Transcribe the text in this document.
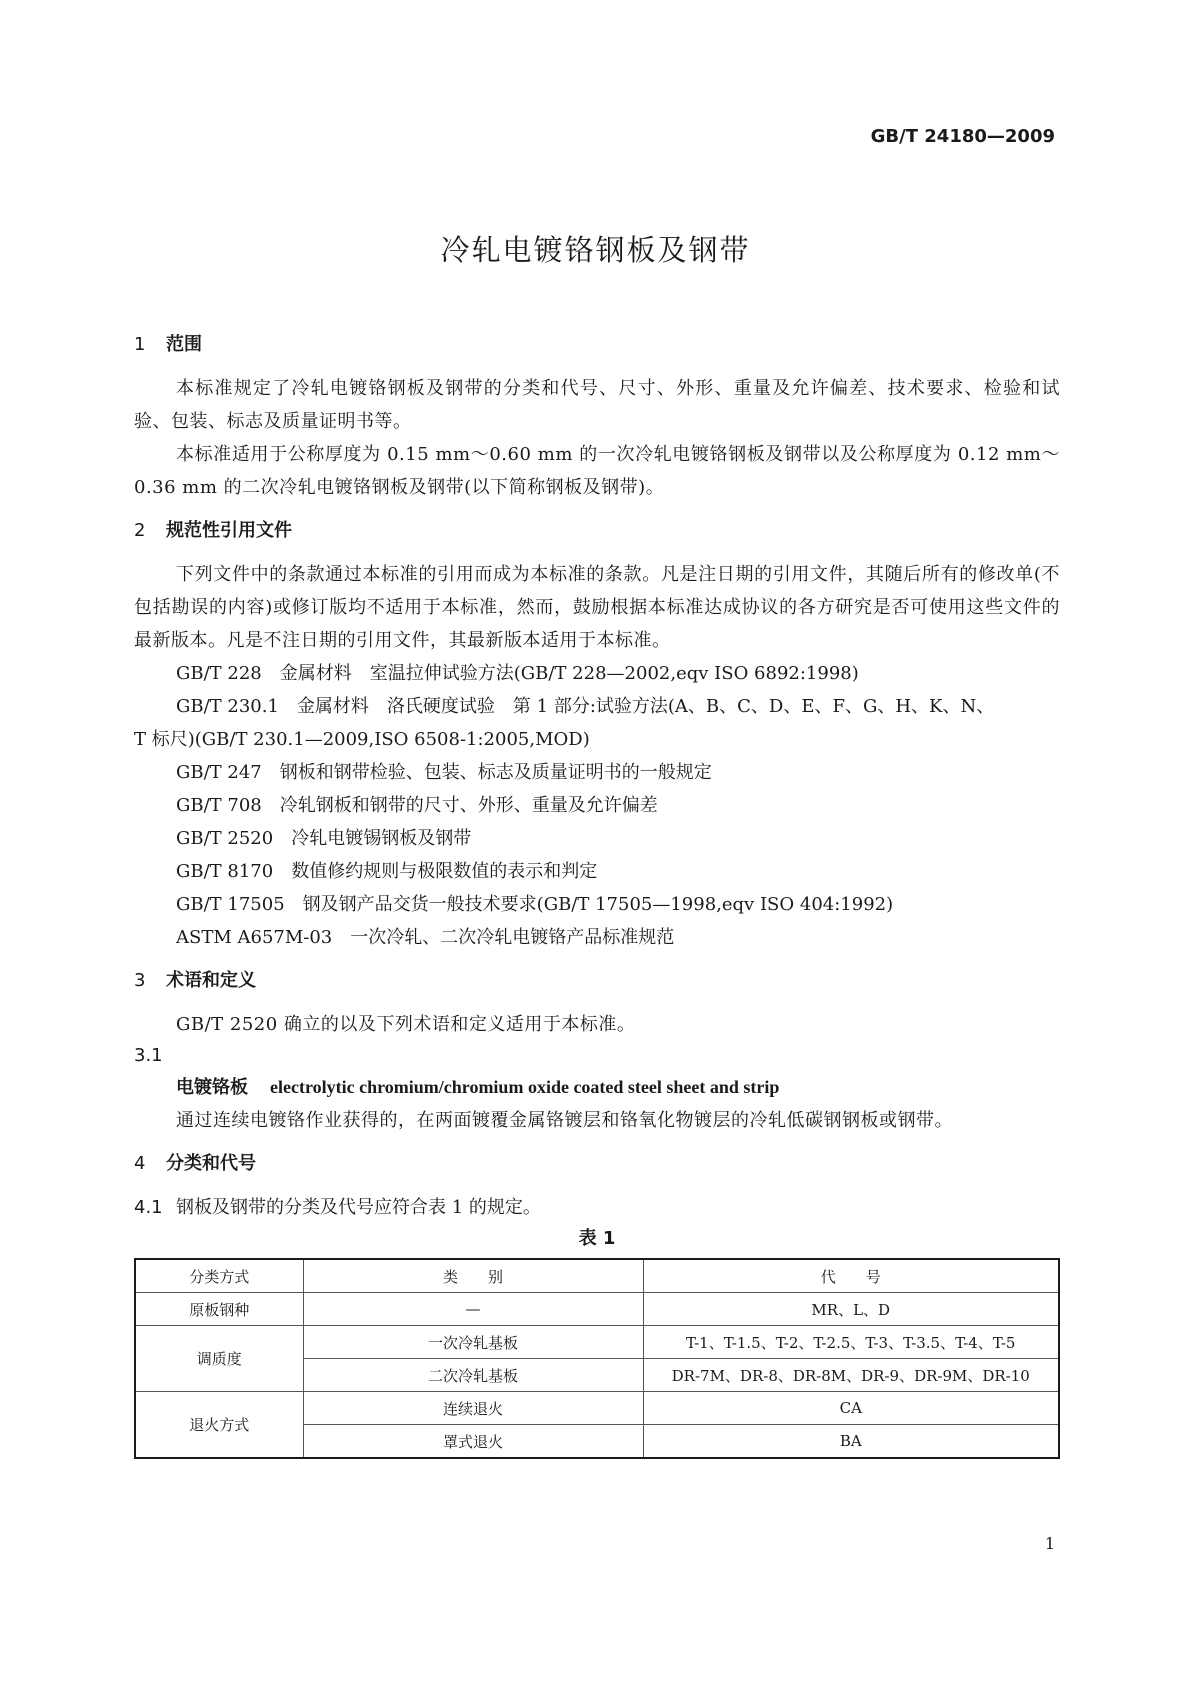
GB/T 24180—2009
冷轧电镀铬钢板及钢带
1 范围
本标准规定了冷轧电镀铬钢板及钢带的分类和代号、尺寸、外形、重量及允许偏差、技术要求、检验和试验、包装、标志及质量证明书等。
本标准适用于公称厚度为 0.15 mm～0.60 mm 的一次冷轧电镀铬钢板及钢带以及公称厚度为 0.12 mm～0.36 mm 的二次冷轧电镀铬钢板及钢带(以下简称钢板及钢带)。
2 规范性引用文件
下列文件中的条款通过本标准的引用而成为本标准的条款。凡是注日期的引用文件，其随后所有的修改单(不包括勘误的内容)或修订版均不适用于本标准，然而，鼓励根据本标准达成协议的各方研究是否可使用这些文件的最新版本。凡是不注日期的引用文件，其最新版本适用于本标准。
GB/T 228 金属材料　室温拉伸试验方法(GB/T 228—2002,eqv ISO 6892:1998)
GB/T 230.1 金属材料　洛氏硬度试验　第 1 部分:试验方法(A、B、C、D、E、F、G、H、K、N、
T 标尺)(GB/T 230.1—2009,ISO 6508-1:2005,MOD)
GB/T 247 钢板和钢带检验、包装、标志及质量证明书的一般规定
GB/T 708 冷轧钢板和钢带的尺寸、外形、重量及允许偏差
GB/T 2520 冷轧电镀锡钢板及钢带
GB/T 8170 数值修约规则与极限数值的表示和判定
GB/T 17505 钢及钢产品交货一般技术要求(GB/T 17505—1998,eqv ISO 404:1992)
ASTM A657M-03 一次冷轧、二次冷轧电镀铬产品标准规范
3 术语和定义
GB/T 2520 确立的以及下列术语和定义适用于本标准。
3.1
电镀铬板 electrolytic chromium/chromium oxide coated steel sheet and strip
通过连续电镀铬作业获得的，在两面镀覆金属铬镀层和铬氧化物镀层的冷轧低碳钢钢板或钢带。
4 分类和代号
4.1 钢板及钢带的分类及代号应符合表 1 的规定。
表 1
分类方式	类　　别	代　　号
原板钢种	—	MR、L、D
调质度	一次冷轧基板	T-1、T-1.5、T-2、T-2.5、T-3、T-3.5、T-4、T-5
	二次冷轧基板	DR-7M、DR-8、DR-8M、DR-9、DR-9M、DR-10
退火方式	连续退火	CA
	罩式退火	BA
1
